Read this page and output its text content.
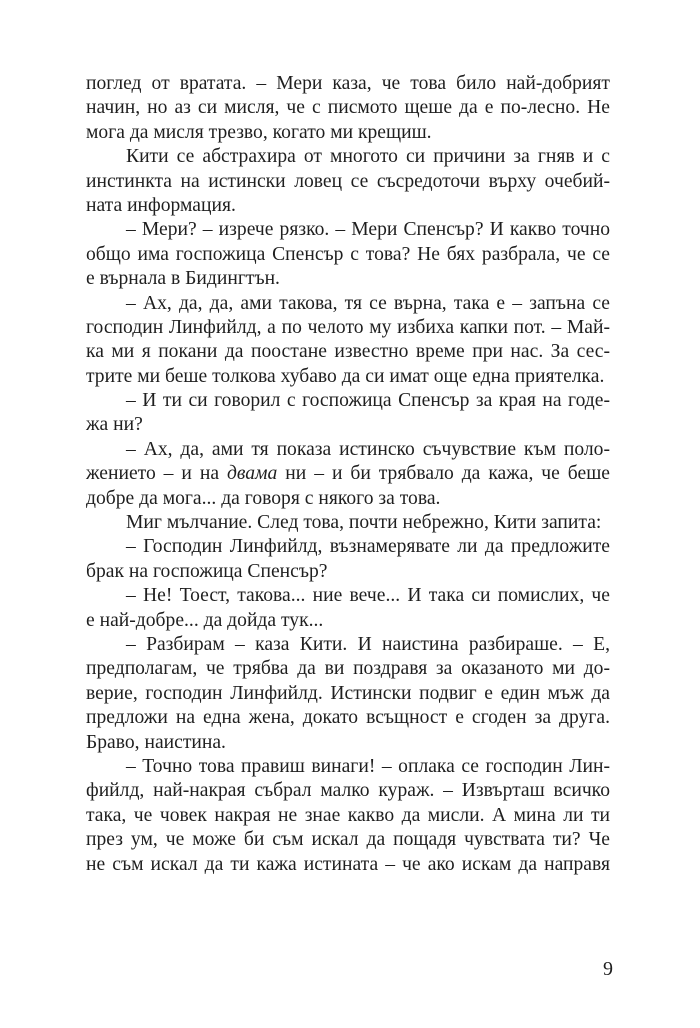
поглед от вратата. – Мери каза, че това било най-добрият
начин, но аз си мисля, че с писмото щеше да е по-лесно. Не
мога да мисля трезво, когато ми крещиш.
Кити се абстрахира от многото си причини за гняв и с
инстинкта на истински ловец се съсредоточи върху очебий-
ната информация.
– Мери? – изрече рязко. – Мери Спенсър? И какво точно
общо има госпожица Спенсър с това? Не бях разбрала, че се
е върнала в Бидингтън.
– Ах, да, да, ами такова, тя се върна, така е – запъна се
господин Линфийлд, а по челото му избиха капки пот. – Май-
ка ми я покани да поостане известно време при нас. За сес-
трите ми беше толкова хубаво да си имат още една приятелка.
– И ти си говорил с госпожица Спенсър за края на годе-
жа ни?
– Ах, да, ами тя показа истинско съчувствие към поло-
жението – и на двама ни – и би трябвало да кажа, че беше
добре да мога... да говоря с някого за това.
Миг мълчание. След това, почти небрежно, Кити запита:
– Господин Линфийлд, възнамерявате ли да предложите
брак на госпожица Спенсър?
– Не! Тоест, такова... ние вече... И така си помислих, че
е най-добре... да дойда тук...
– Разбирам – каза Кити. И наистина разбираше. – Е,
предполагам, че трябва да ви поздравя за оказаното ми до-
верие, господин Линфийлд. Истински подвиг е един мъж да
предложи на една жена, докато всъщност е сгоден за друга.
Браво, наистина.
– Точно това правиш винаги! – оплака се господин Лин-
фийлд, най-накрая събрал малко кураж. – Извърташ всичко
така, че човек накрая не знае какво да мисли. А мина ли ти
през ум, че може би съм искал да пощадя чувствата ти? Че
не съм искал да ти кажа истината – че ако искам да направя
9
